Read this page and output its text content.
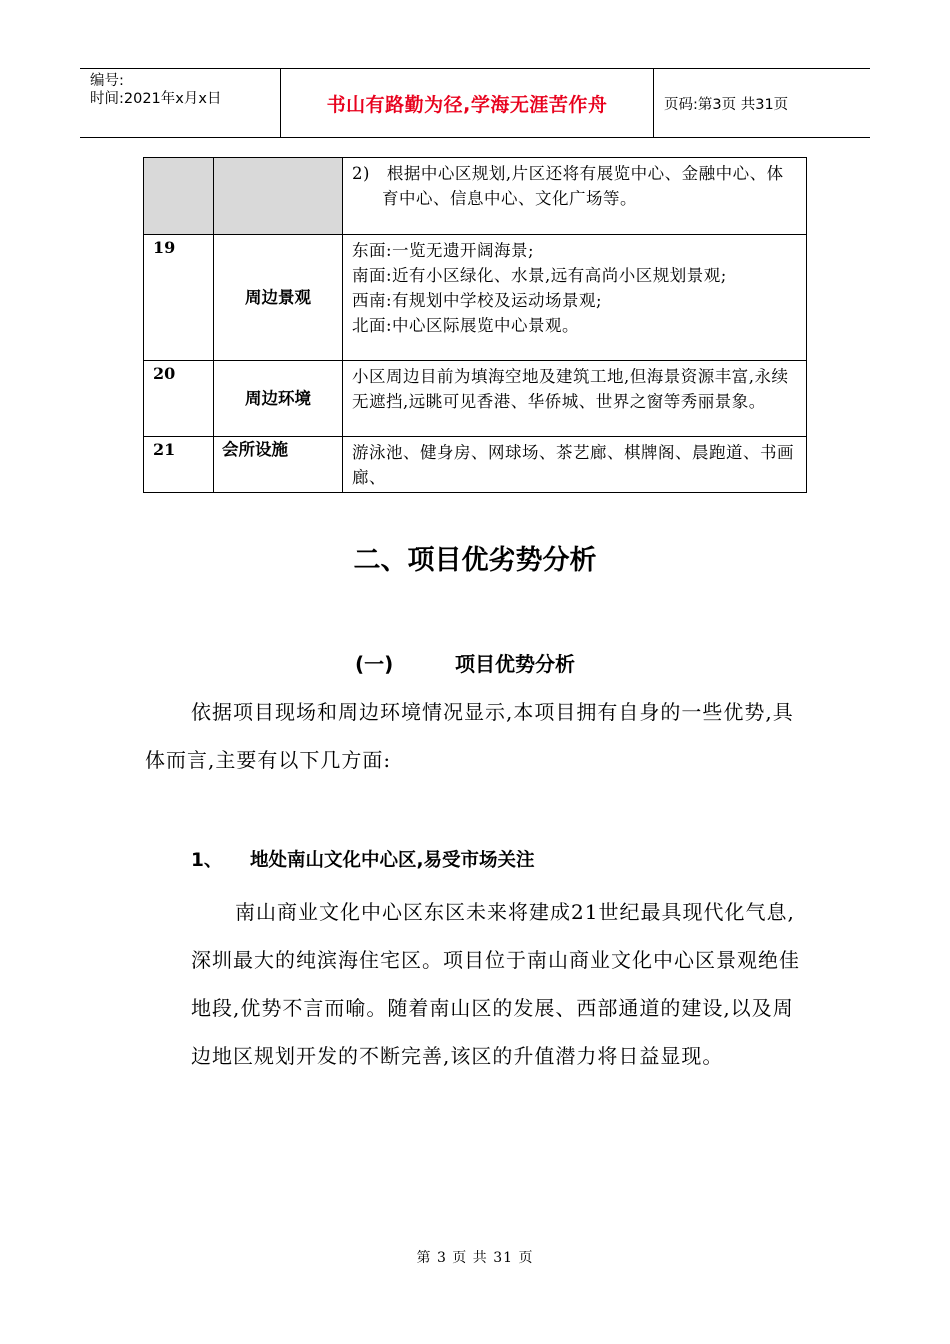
编号:
时间:2021年x月x日	书山有路勤为径,学海无涯苦作舟	页码:第3页 共31页

		2)　根据中心区规划,片区还将有展览中心、金融中心、体育中心、信息中心、文化广场等。

19	周边景观	东面:一览无遗开阔海景;
南面:近有小区绿化、水景,远有高尚小区规划景观;
西南:有规划中学校及运动场景观;
北面:中心区际展览中心景观。

20	周边环境	小区周边目前为填海空地及建筑工地,但海景资源丰富,永续无遮挡,远眺可见香港、华侨城、世界之窗等秀丽景象。

21	会所设施	游泳池、健身房、网球场、茶艺廊、棋牌阁、晨跑道、书画廊、
二、项目优劣势分析
(一)	项目优势分析
依据项目现场和周边环境情况显示,本项目拥有自身的一些优势,具体而言,主要有以下几方面:
1、 地处南山文化中心区,易受市场关注
南山商业文化中心区东区未来将建成21世纪最具现代化气息,深圳最大的纯滨海住宅区。项目位于南山商业文化中心区景观绝佳地段,优势不言而喻。随着南山区的发展、西部通道的建设,以及周边地区规划开发的不断完善,该区的升值潜力将日益显现。
第 3 页 共 31 页
